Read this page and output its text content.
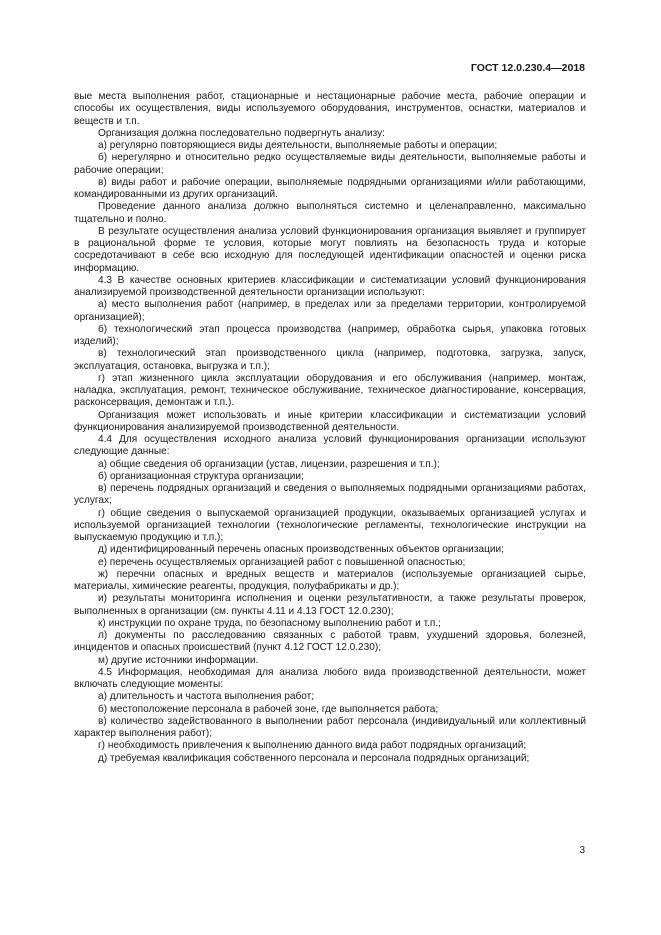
ГОСТ 12.0.230.4—2018

вые места выполнения работ, стационарные и нестационарные рабочие места, рабочие операции и способы их осуществления, виды используемого оборудования, инструментов, оснастки, материалов и веществ и т.п.

Организация должна последовательно подвергнуть анализу:

а) регулярно повторяющиеся виды деятельности, выполняемые работы и операции;

б) нерегулярно и относительно редко осуществляемые виды деятельности, выполняемые работы и рабочие операции;

в) виды работ и рабочие операции, выполняемые подрядными организациями и/или работающими, командированными из других организаций.

Проведение данного анализа должно выполняться системно и целенаправленно, максимально тщательно и полно.

В результате осуществления анализа условий функционирования организация выявляет и группирует в рациональной форме те условия, которые могут повлиять на безопасность труда и которые сосредотачивают в себе всю исходную для последующей идентификации опасностей и оценки риска информацию.

4.3 В качестве основных критериев классификации и систематизации условий функционирования анализируемой производственной деятельности организации используют:

а) место выполнения работ (например, в пределах или за пределами территории, контролируемой организацией);

б) технологический этап процесса производства (например, обработка сырья, упаковка готовых изделий);

в) технологический этап производственного цикла (например, подготовка, загрузка, запуск, эксплуатация, остановка, выгрузка и т.п.);

г) этап жизненного цикла эксплуатации оборудования и его обслуживания (например, монтаж, наладка, эксплуатация, ремонт, техническое обслуживание, техническое диагностирование, консервация, расконсервация, демонтаж и т.п.).

Организация может использовать и иные критерии классификации и систематизации условий функционирования анализируемой производственной деятельности.

4.4 Для осуществления исходного анализа условий функционирования организации используют следующие данные:

а) общие сведения об организации (устав, лицензии, разрешения и т.п.);

б) организационная структура организации;

в) перечень подрядных организаций и сведения о выполняемых подрядными организациями работах, услугах;

г) общие сведения о выпускаемой организацией продукции, оказываемых организацией услугах и используемой организацией технологии (технологические регламенты, технологические инструкции на выпускаемую продукцию и т.п.);

д) идентифицированный перечень опасных производственных объектов организации;

е) перечень осуществляемых организацией работ с повышенной опасностью;

ж) перечни опасных и вредных веществ и материалов (используемые организацией сырье, материалы, химические реагенты, продукция, полуфабрикаты и др.);

и) результаты мониторинга исполнения и оценки результативности, а также результаты проверок, выполненных в организации (см. пункты 4.11 и 4.13 ГОСТ 12.0.230);

к) инструкции по охране труда, по безопасному выполнению работ и т.п.;

л) документы по расследованию связанных с работой травм, ухудшений здоровья, болезней, инцидентов и опасных происшествий (пункт 4.12 ГОСТ 12.0.230);

м) другие источники информации.

4.5 Информация, необходимая для анализа любого вида производственной деятельности, может включать следующие моменты:

а) длительность и частота выполнения работ;

б) местоположение персонала в рабочей зоне, где выполняется работа;

в) количество задействованного в выполнении работ персонала (индивидуальный или коллективный характер выполнения работ);

г) необходимость привлечения к выполнению данного вида работ подрядных организаций;

д) требуемая квалификация собственного персонала и персонала подрядных организаций;

3
